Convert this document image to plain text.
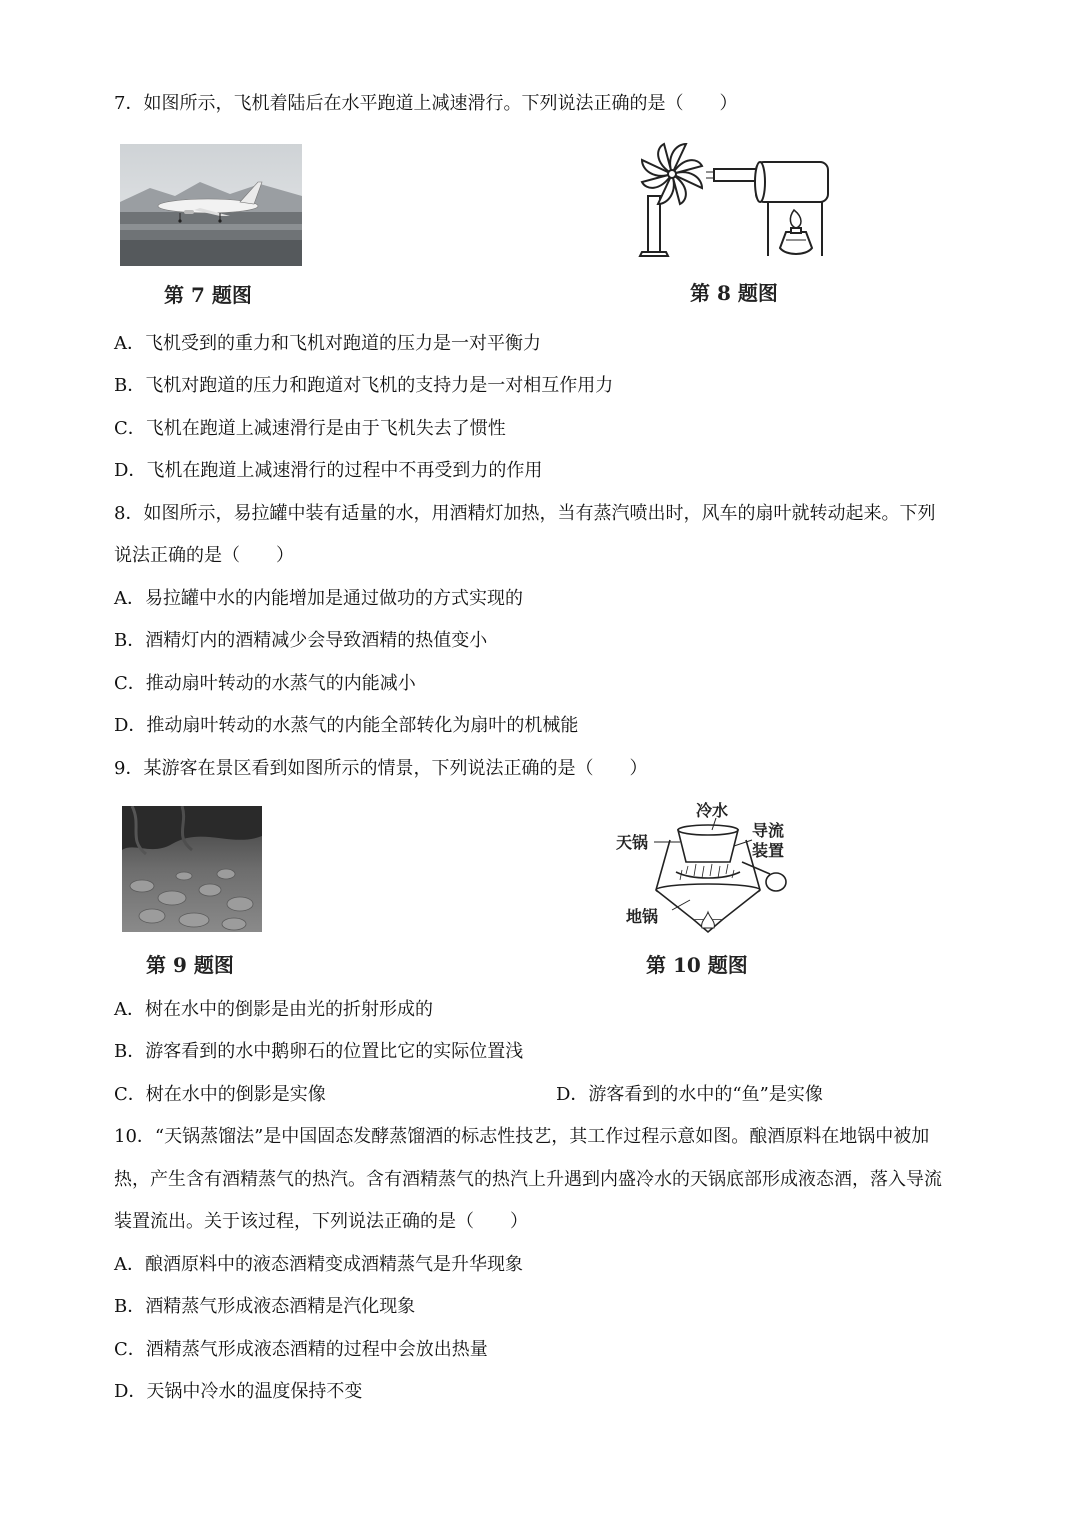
7．如图所示，飞机着陆后在水平跑道上减速滑行。下列说法正确的是（　　）
第 7 题图	第 8 题图
A．飞机受到的重力和飞机对跑道的压力是一对平衡力
B．飞机对跑道的压力和跑道对飞机的支持力是一对相互作用力
C．飞机在跑道上减速滑行是由于飞机失去了惯性
D．飞机在跑道上减速滑行的过程中不再受到力的作用
8．如图所示，易拉罐中装有适量的水，用酒精灯加热，当有蒸汽喷出时，风车的扇叶就转动起来。下列
说法正确的是（　　）
A．易拉罐中水的内能增加是通过做功的方式实现的
B．酒精灯内的酒精减少会导致酒精的热值变小
C．推动扇叶转动的水蒸气的内能减小
D．推动扇叶转动的水蒸气的内能全部转化为扇叶的机械能
9．某游客在景区看到如图所示的情景，下列说法正确的是（　　）
第 9 题图
冷水
天锅
导流
装置
地锅
第 10 题图
A．树在水中的倒影是由光的折射形成的
B．游客看到的水中鹅卵石的位置比它的实际位置浅
C．树在水中的倒影是实像	D．游客看到的水中的“鱼”是实像
10．“天锅蒸馏法”是中国固态发酵蒸馏酒的标志性技艺，其工作过程示意如图。酿酒原料在地锅中被加
热，产生含有酒精蒸气的热汽。含有酒精蒸气的热汽上升遇到内盛冷水的天锅底部形成液态酒，落入导流
装置流出。关于该过程，下列说法正确的是（　　）
A．酿酒原料中的液态酒精变成酒精蒸气是升华现象
B．酒精蒸气形成液态酒精是汽化现象
C．酒精蒸气形成液态酒精的过程中会放出热量
D．天锅中冷水的温度保持不变
